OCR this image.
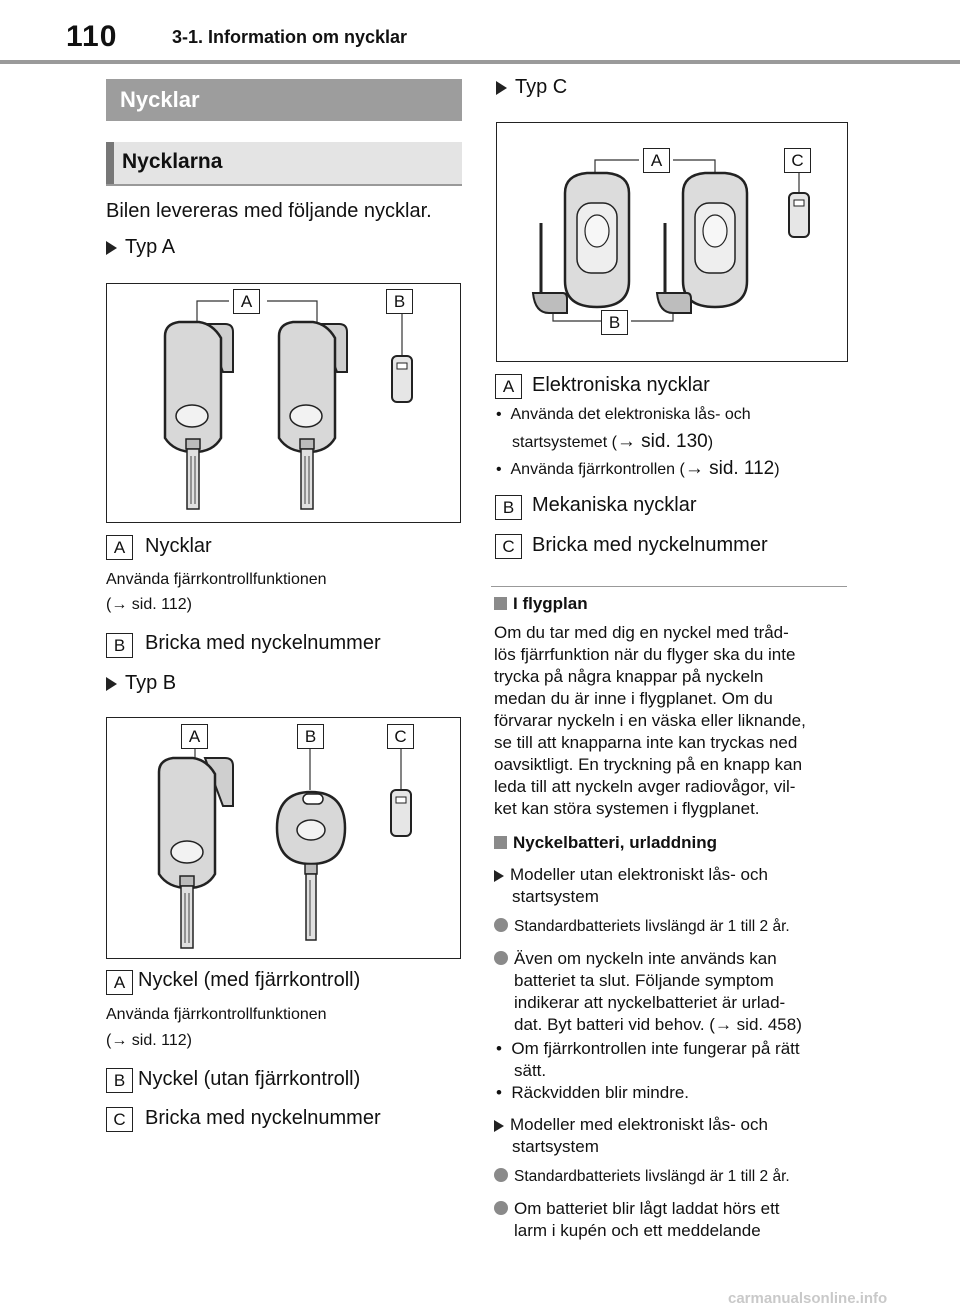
110	3-1. Information om nycklar
Nycklar
Nycklarna
Bilen levereras med följande nycklar.
Typ A
A	B
A Nycklar
Använda fjärrkontrollfunktionen
(→ sid. 112)
B Bricka med nyckelnummer
Typ B
A	B	C
A Nyckel (med fjärrkontroll)
Använda fjärrkontrollfunktionen
(→ sid. 112)
B Nyckel (utan fjärrkontroll)
C Bricka med nyckelnummer
Typ C
A	C
B
A Elektroniska nycklar
•  Använda det elektroniska lås- och
startsystemet (→ sid. 130)
•  Använda fjärrkontrollen (→ sid. 112)
B Mekaniska nycklar
C Bricka med nyckelnummer
I flygplan
Om du tar med dig en nyckel med tråd-
lös fjärrfunktion när du flyger ska du inte
trycka på några knappar på nyckeln
medan du är inne i flygplanet. Om du
förvarar nyckeln i en väska eller liknande,
se till att knapparna inte kan tryckas ned
oavsiktligt. En tryckning på en knapp kan
leda till att nyckeln avger radiovågor, vil-
ket kan störa systemen i flygplanet.
Nyckelbatteri, urladdning
Modeller utan elektroniskt lås- och
startsystem
Standardbatteriets livslängd är 1 till 2 år.
Även om nyckeln inte används kan
batteriet ta slut. Följande symptom
indikerar att nyckelbatteriet är urlad-
dat. Byt batteri vid behov. (→ sid. 458)
•  Om fjärrkontrollen inte fungerar på rätt
sätt.
•  Räckvidden blir mindre.
Modeller med elektroniskt lås- och
startsystem
Standardbatteriets livslängd är 1 till 2 år.
Om batteriet blir lågt laddat hörs ett
larm i kupén och ett meddelande
carmanualsonline.info
